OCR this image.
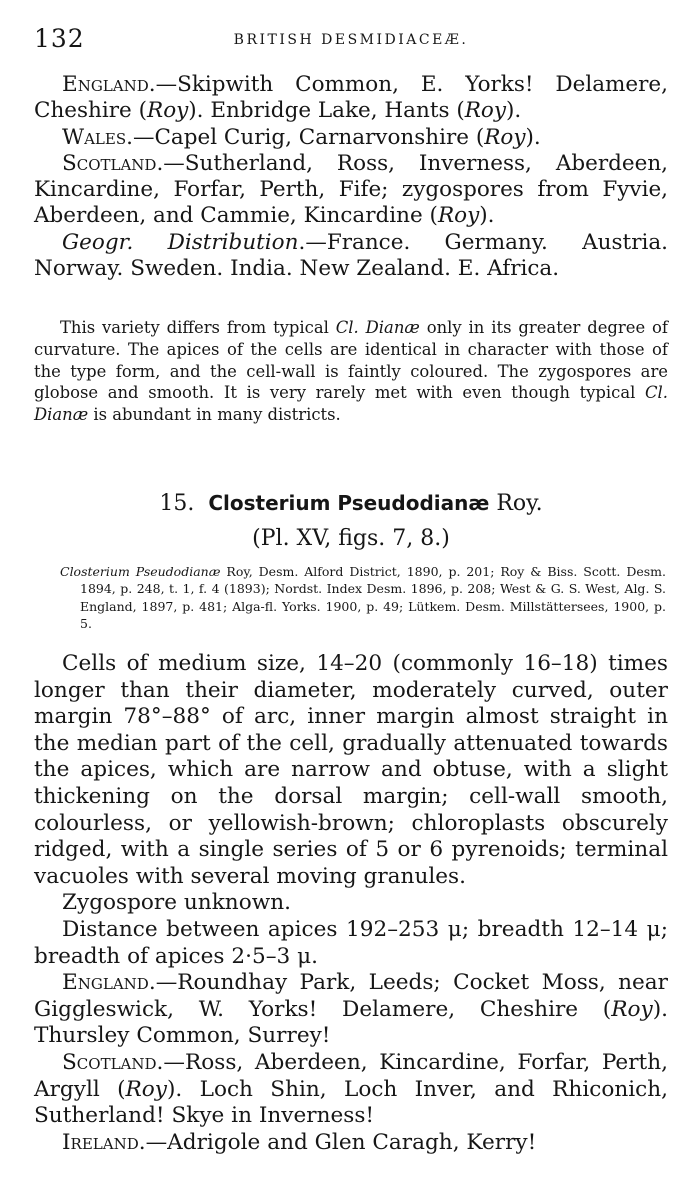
132	BRITISH DESMIDIACEÆ.

England.—Skipwith Common, E. Yorks! Delamere, Cheshire (Roy). Enbridge Lake, Hants (Roy).

Wales.—Capel Curig, Carnarvonshire (Roy).

Scotland.—Sutherland, Ross, Inverness, Aberdeen, Kincardine, Forfar, Perth, Fife; zygospores from Fyvie, Aberdeen, and Cammie, Kincardine (Roy).

Geogr. Distribution.—France. Germany. Austria. Norway. Sweden. India. New Zealand. E. Africa.

This variety differs from typical Cl. Dianæ only in its greater degree of curvature. The apices of the cells are identical in character with those of the type form, and the cell-wall is faintly coloured. The zygospores are globose and smooth. It is very rarely met with even though typical Cl. Dianæ is abundant in many districts.

15. Closterium Pseudodianæ Roy.
(Pl. XV, figs. 7, 8.)

Closterium Pseudodianæ Roy, Desm. Alford District, 1890, p. 201; Roy & Biss. Scott. Desm. 1894, p. 248, t. 1, f. 4 (1893); Nordst. Index Desm. 1896, p. 208; West & G. S. West, Alg. S. England, 1897, p. 481; Alga-fl. Yorks. 1900, p. 49; Lütkem. Desm. Millstättersees, 1900, p. 5.

Cells of medium size, 14–20 (commonly 16–18) times longer than their diameter, moderately curved, outer margin 78°–88° of arc, inner margin almost straight in the median part of the cell, gradually attenuated towards the apices, which are narrow and obtuse, with a slight thickening on the dorsal margin; cell-wall smooth, colourless, or yellowish-brown; chloroplasts obscurely ridged, with a single series of 5 or 6 pyrenoids; terminal vacuoles with several moving granules.

Zygospore unknown.

Distance between apices 192–253 μ; breadth 12–14 μ; breadth of apices 2·5–3 μ.

England.—Roundhay Park, Leeds; Cocket Moss, near Giggleswick, W. Yorks! Delamere, Cheshire (Roy). Thursley Common, Surrey!

Scotland.—Ross, Aberdeen, Kincardine, Forfar, Perth, Argyll (Roy). Loch Shin, Loch Inver, and Rhiconich, Sutherland! Skye in Inverness!

Ireland.—Adrigole and Glen Caragh, Kerry!
